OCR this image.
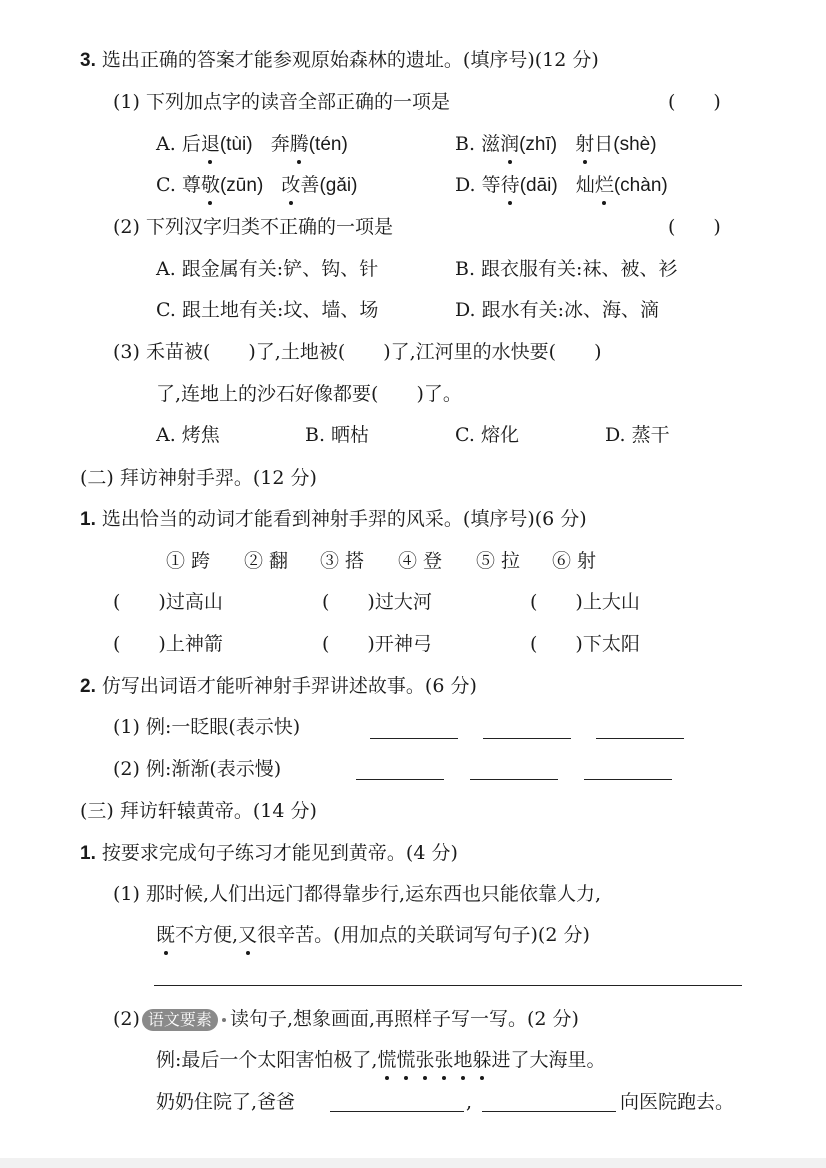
3. 选出正确的答案才能参观原始森林的遗址。(填序号)(12 分)
(1) 下列加点字的读音全部正确的一项是	(　　)
A. 后退(tùi) 奔腾(tén)	B. 滋润(zhī) 射日(shè)
C. 尊敬(zūn) 改善(gǎi)	D. 等待(dāi) 灿烂(chàn)
(2) 下列汉字归类不正确的一项是	(　　)
A. 跟金属有关:铲、钩、针	B. 跟衣服有关:袜、被、衫
C. 跟土地有关:坟、墙、场	D. 跟水有关:冰、海、滴
(3) 禾苗被(　　)了,土地被(　　)了,江河里的水快要(　　)
了,连地上的沙石好像都要(　　)了。
A. 烤焦	B. 晒枯	C. 熔化	D. 蒸干
(二) 拜访神射手羿。(12 分)
1. 选出恰当的动词才能看到神射手羿的风采。(填序号)(6 分)
① 跨 ② 翻 ③ 搭 ④ 登 ⑤ 拉 ⑥ 射
(　　)过高山	(　　)过大河	(　　)上大山
(　　)上神箭	(　　)开神弓	(　　)下太阳
2. 仿写出词语才能听神射手羿讲述故事。(6 分)
(1) 例:一眨眼(表示快)
(2) 例:渐渐(表示慢)
(三) 拜访轩辕黄帝。(14 分)
1. 按要求完成句子练习才能见到黄帝。(4 分)
(1) 那时候,人们出远门都得靠步行,运东西也只能依靠人力,
既不方便,又很辛苦。(用加点的关联词写句子)(2 分)
(2) 语文要素 读句子,想象画面,再照样子写一写。(2 分)
例:最后一个太阳害怕极了,慌慌张张地躲进了大海里。
奶奶住院了,爸爸	,	向医院跑去。
